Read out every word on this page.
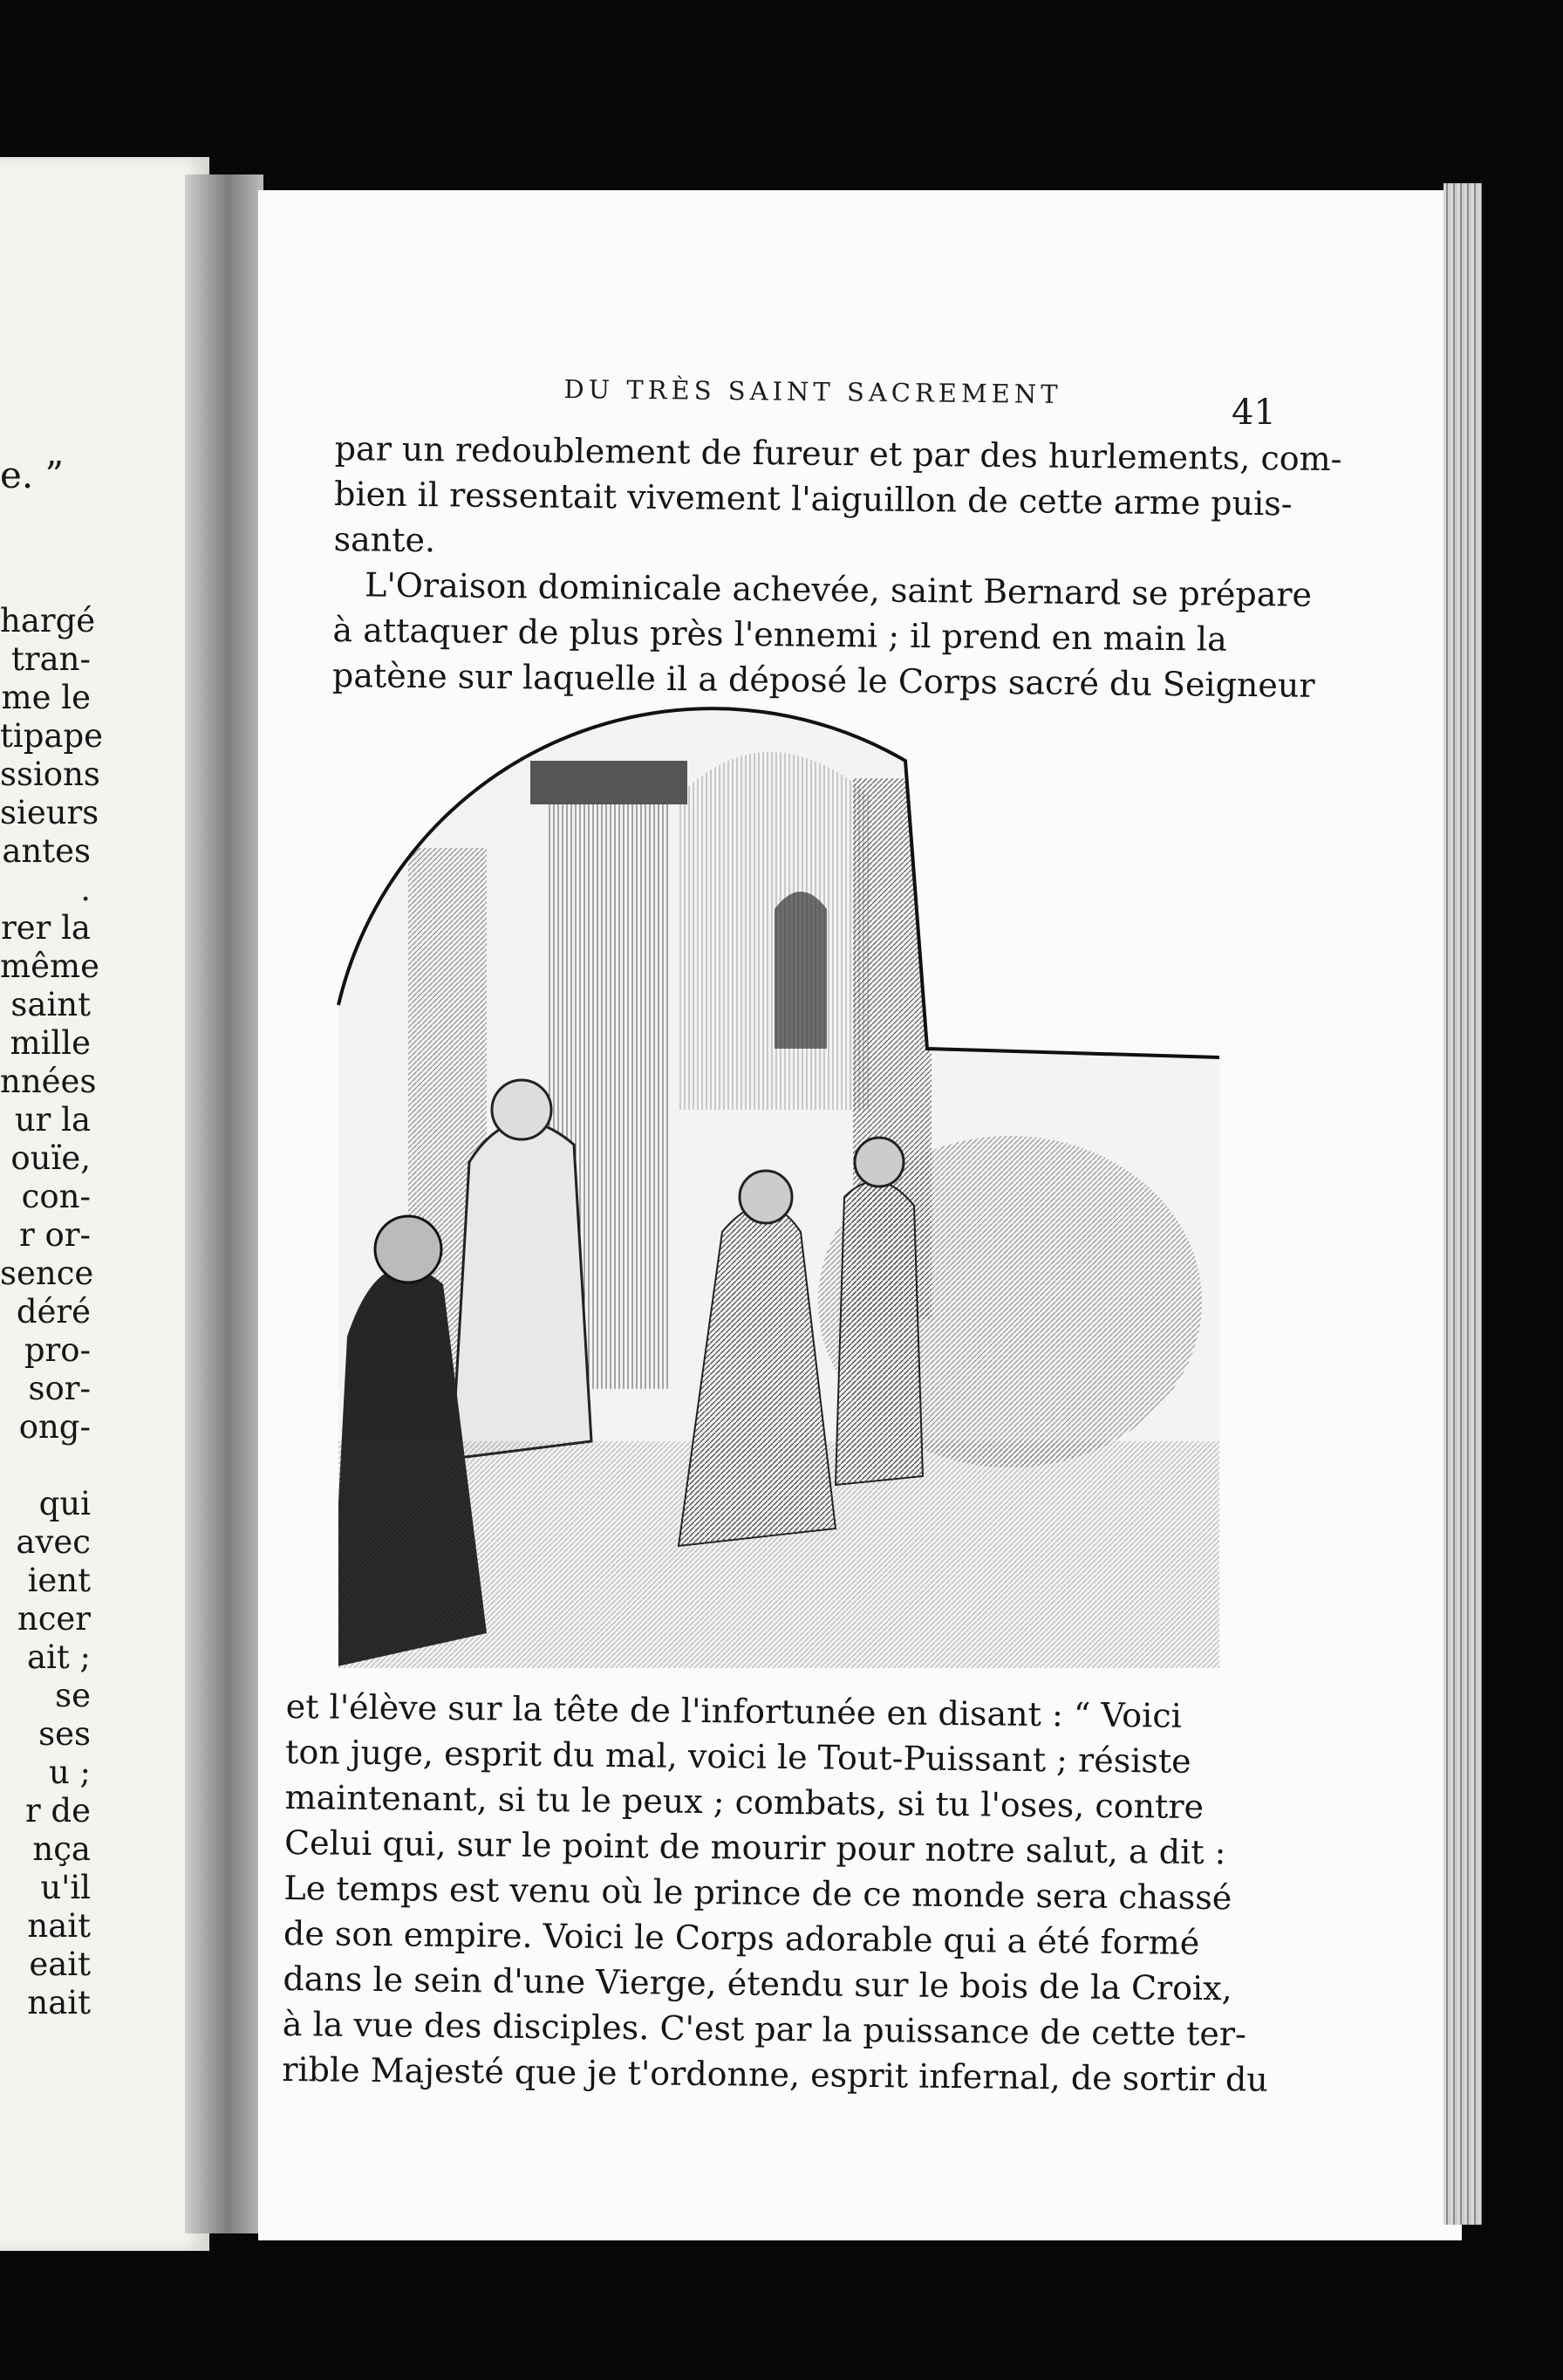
e. ”
hargé
tran-
me le
tipape
ssions
sieurs
antes
.
rer la
même
saint
mille
nnées
ur la
ouïe,
con-
r or-
sence
déré
pro-
sor-
ong-

qui
avec
ient
ncer
ait ;
se
ses
u ;
r de
nça
u'il
nait
eait
nait
DU TRÈS SAINT SACREMENT
41
par un redoublement de fureur et par des hurlements, com-
bien il ressentait vivement l'aiguillon de cette arme puis-
sante.
L'Oraison dominicale achevée, saint Bernard se prépare
à attaquer de plus près l'ennemi ; il prend en main la
patène sur laquelle il a déposé le Corps sacré du Seigneur
et l'élève sur la tête de l'infortunée en disant : “ Voici
ton juge, esprit du mal, voici le Tout-Puissant ; résiste
maintenant, si tu le peux ; combats, si tu l'oses, contre
Celui qui, sur le point de mourir pour notre salut, a dit :
Le temps est venu où le prince de ce monde sera chassé
de son empire. Voici le Corps adorable qui a été formé
dans le sein d'une Vierge, étendu sur le bois de la Croix,
à la vue des disciples. C'est par la puissance de cette ter-
rible Majesté que je t'ordonne, esprit infernal, de sortir du
